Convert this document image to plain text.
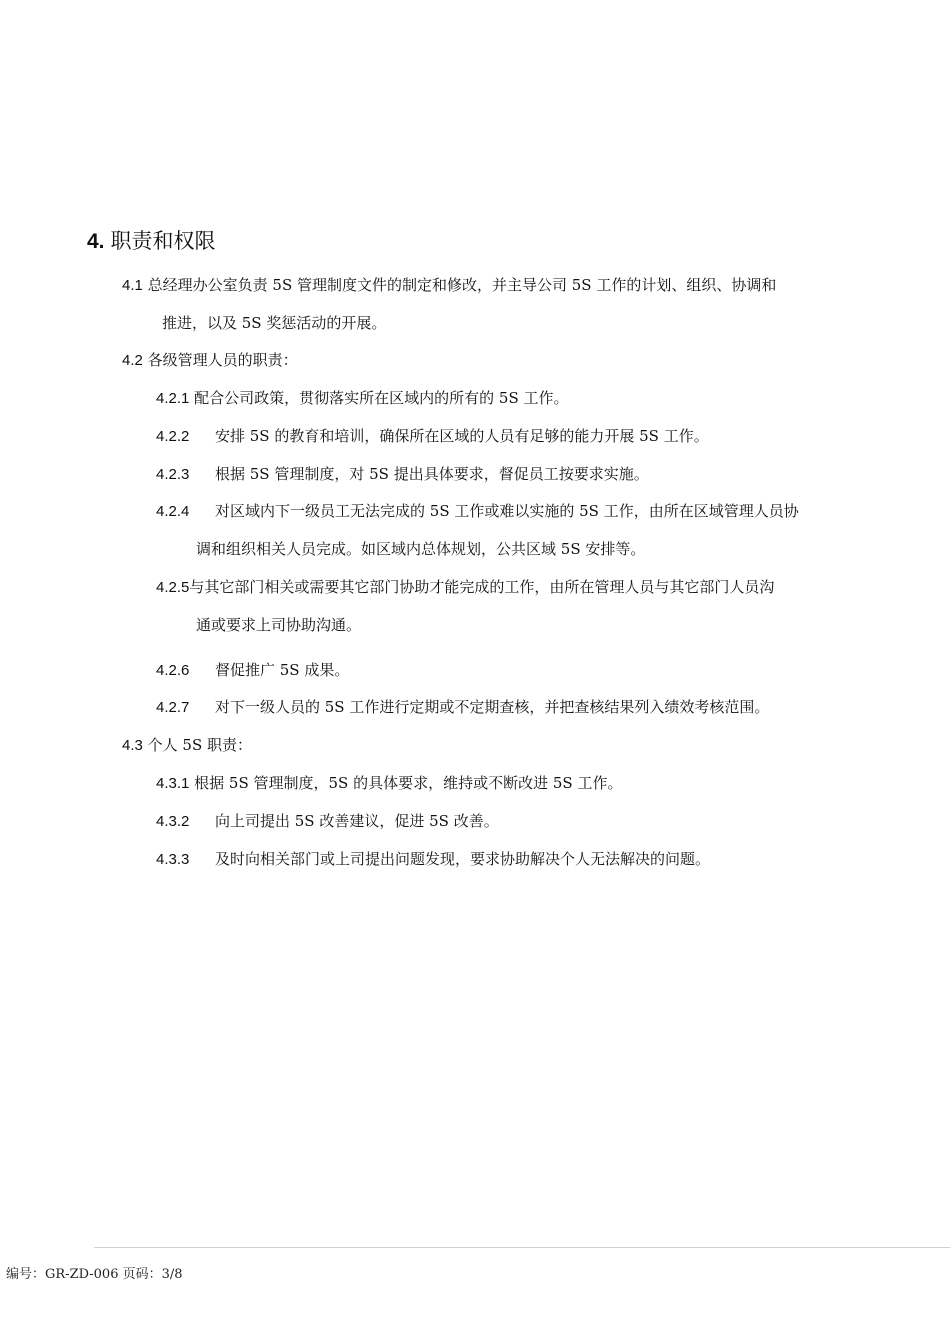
4. 职责和权限
4.1 总经理办公室负责 5S 管理制度文件的制定和修改，并主导公司 5S 工作的计划、组织、协调和
推进，以及 5S 奖惩活动的开展。
4.2 各级管理人员的职责：
4.2.1 配合公司政策，贯彻落实所在区域内的所有的 5S 工作。
4.2.2 安排 5S 的教育和培训，确保所在区域的人员有足够的能力开展 5S 工作。
4.2.3 根据 5S 管理制度，对 5S 提出具体要求，督促员工按要求实施。
4.2.4 对区域内下一级员工无法完成的 5S 工作或难以实施的 5S 工作，由所在区域管理人员协
调和组织相关人员完成。如区域内总体规划，公共区域 5S 安排等。
4.2.5与其它部门相关或需要其它部门协助才能完成的工作，由所在管理人员与其它部门人员沟
通或要求上司协助沟通。
4.2.6 督促推广 5S 成果。
4.2.7 对下一级人员的 5S 工作进行定期或不定期查核，并把查核结果列入绩效考核范围。
4.3 个人 5S 职责：
4.3.1 根据 5S 管理制度，5S 的具体要求，维持或不断改进 5S 工作。
4.3.2 向上司提出 5S 改善建议，促进 5S 改善。
4.3.3 及时向相关部门或上司提出问题发现，要求协助解决个人无法解决的问题。
编号：GR-ZD-006 页码：3/8
